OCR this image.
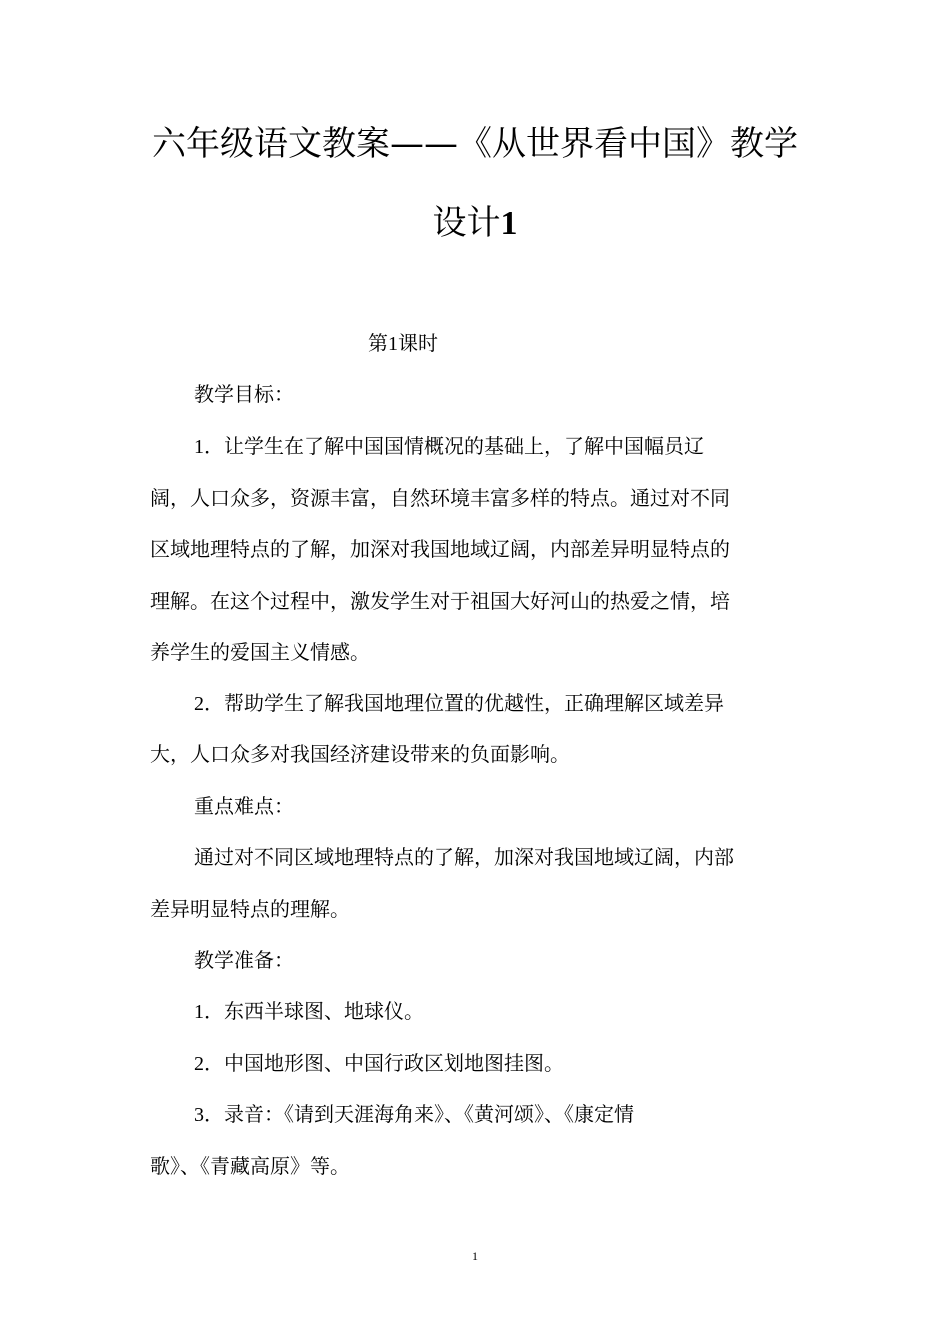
六年级语文教案——《从世界看中国》教学
设计1
第1课时
教学目标：
1．让学生在了解中国国情概况的基础上，了解中国幅员辽
阔，人口众多，资源丰富，自然环境丰富多样的特点。通过对不同
区域地理特点的了解，加深对我国地域辽阔，内部差异明显特点的
理解。在这个过程中，激发学生对于祖国大好河山的热爱之情，培
养学生的爱国主义情感。
2．帮助学生了解我国地理位置的优越性，正确理解区域差异
大，人口众多对我国经济建设带来的负面影响。
重点难点：
通过对不同区域地理特点的了解，加深对我国地域辽阔，内部
差异明显特点的理解。
教学准备：
1．东西半球图、地球仪。
2．中国地形图、中国行政区划地图挂图。
3．录音：《请到天涯海角来》、《黄河颂》、《康定情
歌》、《青藏高原》等。
1
